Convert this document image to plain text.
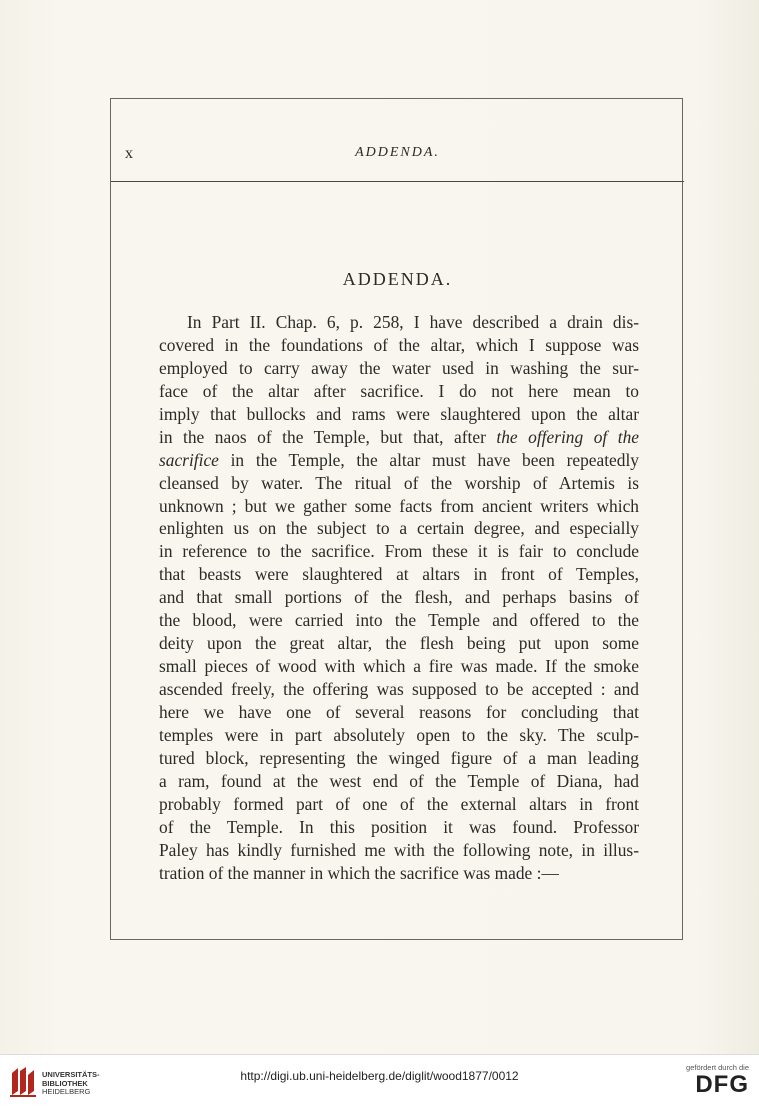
x	ADDENDA.
ADDENDA.
In Part II. Chap. 6, p. 258, I have described a drain dis-
covered in the foundations of the altar, which I suppose was
employed to carry away the water used in washing the sur-
face of the altar after sacrifice. I do not here mean to
imply that bullocks and rams were slaughtered upon the altar
in the naos of the Temple, but that, after the offering of the
sacrifice in the Temple, the altar must have been repeatedly
cleansed by water. The ritual of the worship of Artemis is
unknown ; but we gather some facts from ancient writers which
enlighten us on the subject to a certain degree, and especially
in reference to the sacrifice. From these it is fair to conclude
that beasts were slaughtered at altars in front of Temples,
and that small portions of the flesh, and perhaps basins of
the blood, were carried into the Temple and offered to the
deity upon the great altar, the flesh being put upon some
small pieces of wood with which a fire was made. If the smoke
ascended freely, the offering was supposed to be accepted : and
here we have one of several reasons for concluding that
temples were in part absolutely open to the sky. The sculp-
tured block, representing the winged figure of a man leading
a ram, found at the west end of the Temple of Diana, had
probably formed part of one of the external altars in front
of the Temple. In this position it was found. Professor
Paley has kindly furnished me with the following note, in illus-
tration of the manner in which the sacrifice was made :—
UNIVERSITÄTS-
BIBLIOTHEK
HEIDELBERG
http://digi.ub.uni-heidelberg.de/diglit/wood1877/0012
gefördert durch die
DFG
